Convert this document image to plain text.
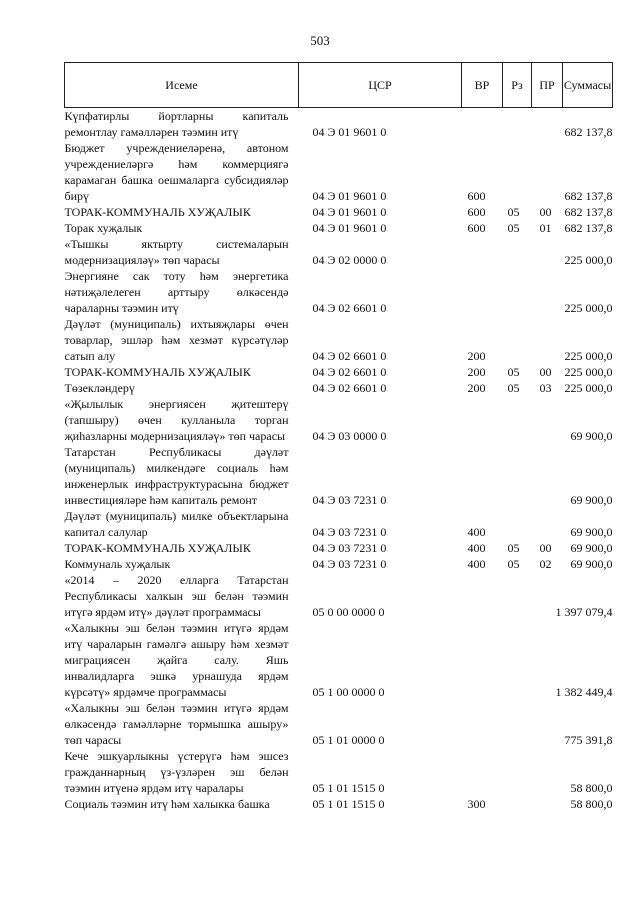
503
Исеме	ЦСР	ВР	Рз	ПР	Суммасы
Күпфатирлы йортларны капиталь ремонтлау гамәлләрен тәэмин итү	04 Э 01 9601 0				682 137,8
Бюджет учреждениеләренә, автоном учреждениеләргә һәм коммерциягә карамаган башка оешмаларга субсидияләр бирү	04 Э 01 9601 0	600			682 137,8
ТОРАК-КОММУНАЛЬ ХУҖАЛЫК	04 Э 01 9601 0	600	05	00	682 137,8
Торак хуҗалык	04 Э 01 9601 0	600	05	01	682 137,8
«Тышкы яктырту системаларын модернизацияләү» төп чарасы	04 Э 02 0000 0				225 000,0
Энергияне сак тоту һәм энергетика нәтиҗәлелеген арттыру өлкәсендә чараларны тәэмин итү	04 Э 02 6601 0				225 000,0
Дәүләт (муниципаль) ихтыяҗлары өчен товарлар, эшләр һәм хезмәт күрсәтүләр сатып алу	04 Э 02 6601 0	200			225 000,0
ТОРАК-КОММУНАЛЬ ХУҖАЛЫК	04 Э 02 6601 0	200	05	00	225 000,0
Төзекләндерү	04 Э 02 6601 0	200	05	03	225 000,0
«Җылылык энергиясен җитештерү (тапшыру) өчен кулланыла торган җиһазларны модернизацияләү» төп чарасы	04 Э 03 0000 0				69 900,0
Татарстан Республикасы дәүләт (муниципаль) милкендәге социаль һәм инженерлык инфраструктурасына бюджет инвестицияләре һәм капиталь ремонт	04 Э 03 7231 0				69 900,0
Дәүләт (муниципаль) милке объектларына капитал салулар	04 Э 03 7231 0	400			69 900,0
ТОРАК-КОММУНАЛЬ ХУҖАЛЫК	04 Э 03 7231 0	400	05	00	69 900,0
Коммуналь хуҗалык	04 Э 03 7231 0	400	05	02	69 900,0
«2014 – 2020 елларга Татарстан Республикасы халкын эш белән тәэмин итүгә ярдәм итү» дәүләт программасы	05 0 00 0000 0				1 397 079,4
«Халыкны эш белән тәэмин итүгә ярдәм итү чараларын гамәлгә ашыру һәм хезмәт миграциясен җайга салу. Яшь инвалидларга эшкә урнашуда ярдәм күрсәтү» ярдәмче программасы	05 1 00 0000 0				1 382 449,4
«Халыкны эш белән тәэмин итүгә ярдәм өлкәсендә гамәлләрне тормышка ашыру» төп чарасы	05 1 01 0000 0				775 391,8
Кече эшкуарлыкны үстерүгә һәм эшсез гражданнарның үз-үзләрен эш белән тәэмин итүенә ярдәм итү чаралары	05 1 01 1515 0				58 800,0
Социаль тәэмин итү һәм халыкка башка	05 1 01 1515 0	300			58 800,0
